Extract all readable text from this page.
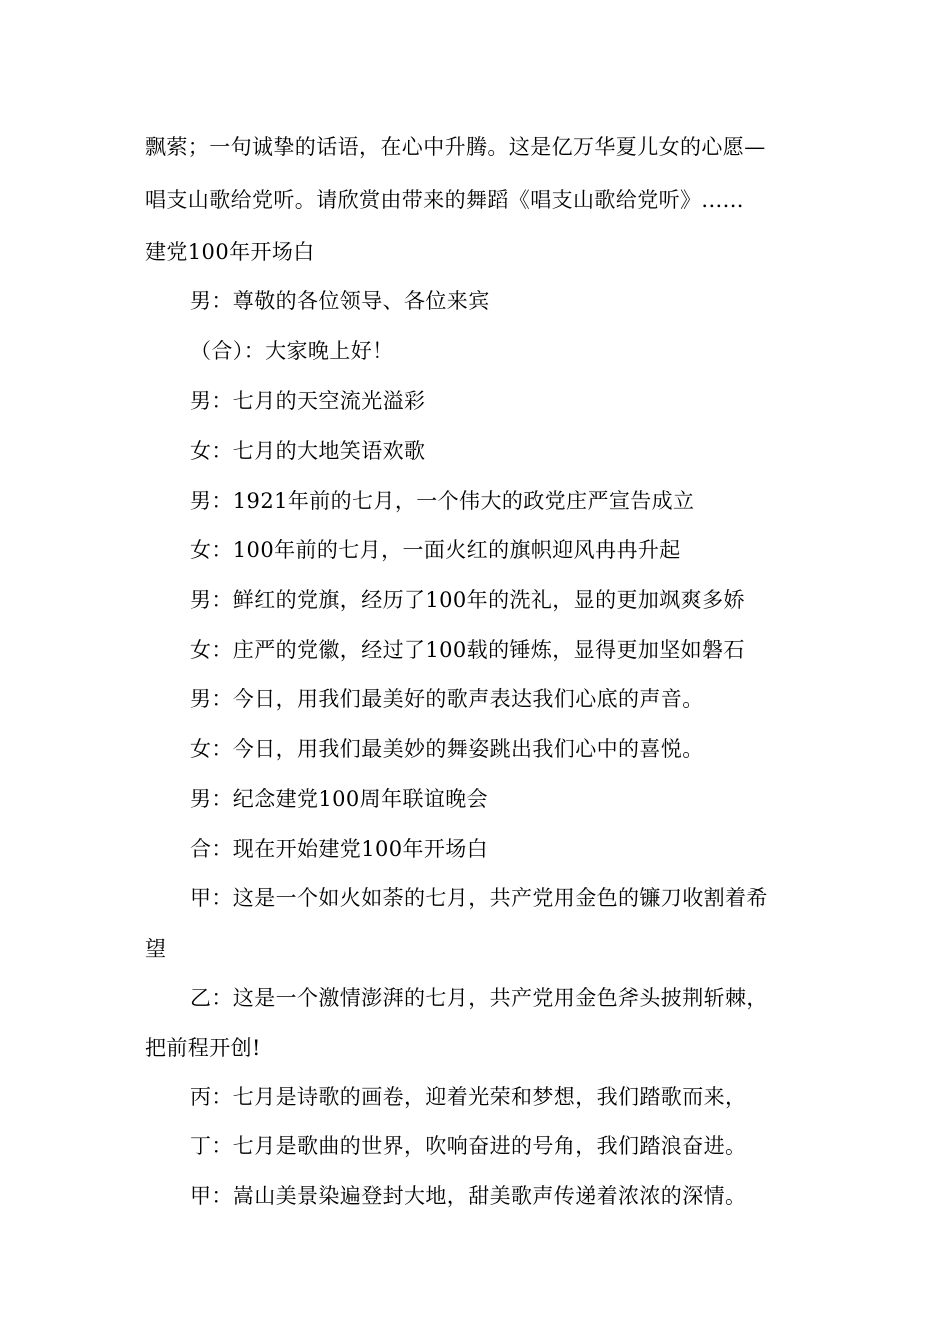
飘萦；一句诚挚的话语，在心中升腾。这是亿万华夏儿女的心愿—
唱支山歌给党听。请欣赏由带来的舞蹈《唱支山歌给党听》......
建党100年开场白
男：尊敬的各位领导、各位来宾
（合）：大家晚上好！
男：七月的天空流光溢彩
女：七月的大地笑语欢歌
男：1921年前的七月，一个伟大的政党庄严宣告成立
女：100年前的七月，一面火红的旗帜迎风冉冉升起
男：鲜红的党旗，经历了100年的洗礼，显的更加飒爽多娇
女：庄严的党徽，经过了100载的锤炼，显得更加坚如磐石
男：今日，用我们最美好的歌声表达我们心底的声音。
女：今日，用我们最美妙的舞姿跳出我们心中的喜悦。
男：纪念建党100周年联谊晚会
合：现在开始建党100年开场白
甲：这是一个如火如荼的七月，共产党用金色的镰刀收割着希
望
乙：这是一个激情澎湃的七月，共产党用金色斧头披荆斩棘，
把前程开创!
丙：七月是诗歌的画卷，迎着光荣和梦想，我们踏歌而来，
丁：七月是歌曲的世界，吹响奋进的号角，我们踏浪奋进。
甲：嵩山美景染遍登封大地，甜美歌声传递着浓浓的深情。
